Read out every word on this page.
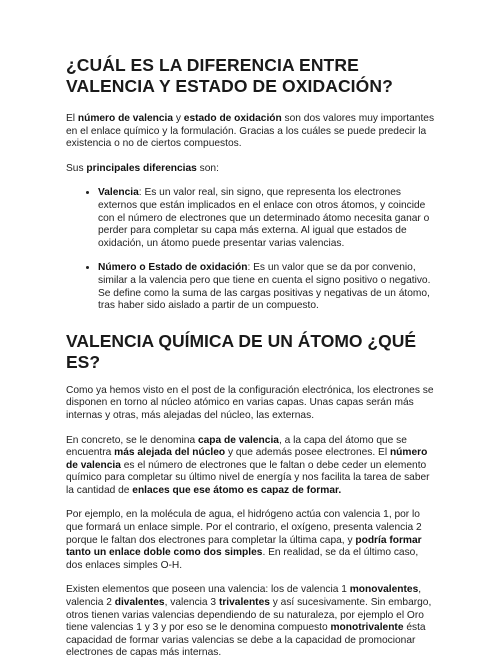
¿CUÁL ES LA DIFERENCIA ENTRE VALENCIA Y ESTADO DE OXIDACIÓN?

El número de valencia y estado de oxidación son dos valores muy importantes en el enlace químico y la formulación. Gracias a los cuáles se puede predecir la existencia o no de ciertos compuestos.

Sus principales diferencias son:

• Valencia: Es un valor real, sin signo, que representa los electrones externos que están implicados en el enlace con otros átomos, y coincide con el número de electrones que un determinado átomo necesita ganar o perder para completar su capa más externa. Al igual que estados de oxidación, un átomo puede presentar varias valencias.
• Número o Estado de oxidación: Es un valor que se da por convenio, similar a la valencia pero que tiene en cuenta el signo positivo o negativo. Se define como la suma de las cargas positivas y negativas de un átomo, tras haber sido aislado a partir de un compuesto.
VALENCIA QUÍMICA DE UN ÁTOMO ¿QUÉ ES?

Como ya hemos visto en el post de la configuración electrónica, los electrones se disponen en torno al núcleo atómico en varias capas. Unas capas serán más internas y otras, más alejadas del núcleo, las externas.

En concreto, se le denomina capa de valencia, a la capa del átomo que se encuentra más alejada del núcleo y que además posee electrones. El número de valencia es el número de electrones que le faltan o debe ceder un elemento químico para completar su último nivel de energía y nos facilita la tarea de saber la cantidad de enlaces que ese átomo es capaz de formar.

Por ejemplo, en la molécula de agua, el hidrógeno actúa con valencia 1, por lo que formará un enlace simple. Por el contrario, el oxígeno, presenta valencia 2 porque le faltan dos electrones para completar la última capa, y podría formar tanto un enlace doble como dos simples. En realidad, se da el último caso, dos enlaces simples O-H.

Existen elementos que poseen una valencia: los de valencia 1 monovalentes, valencia 2 divalentes, valencia 3 trivalentes y así sucesivamente. Sin embargo, otros tienen varias valencias dependiendo de su naturaleza, por ejemplo el Oro tiene valencias 1 y 3 y por eso se le denomina compuesto monotrivalente ésta capacidad de formar varias valencias se debe a la capacidad de promocionar electrones de capas más internas.
